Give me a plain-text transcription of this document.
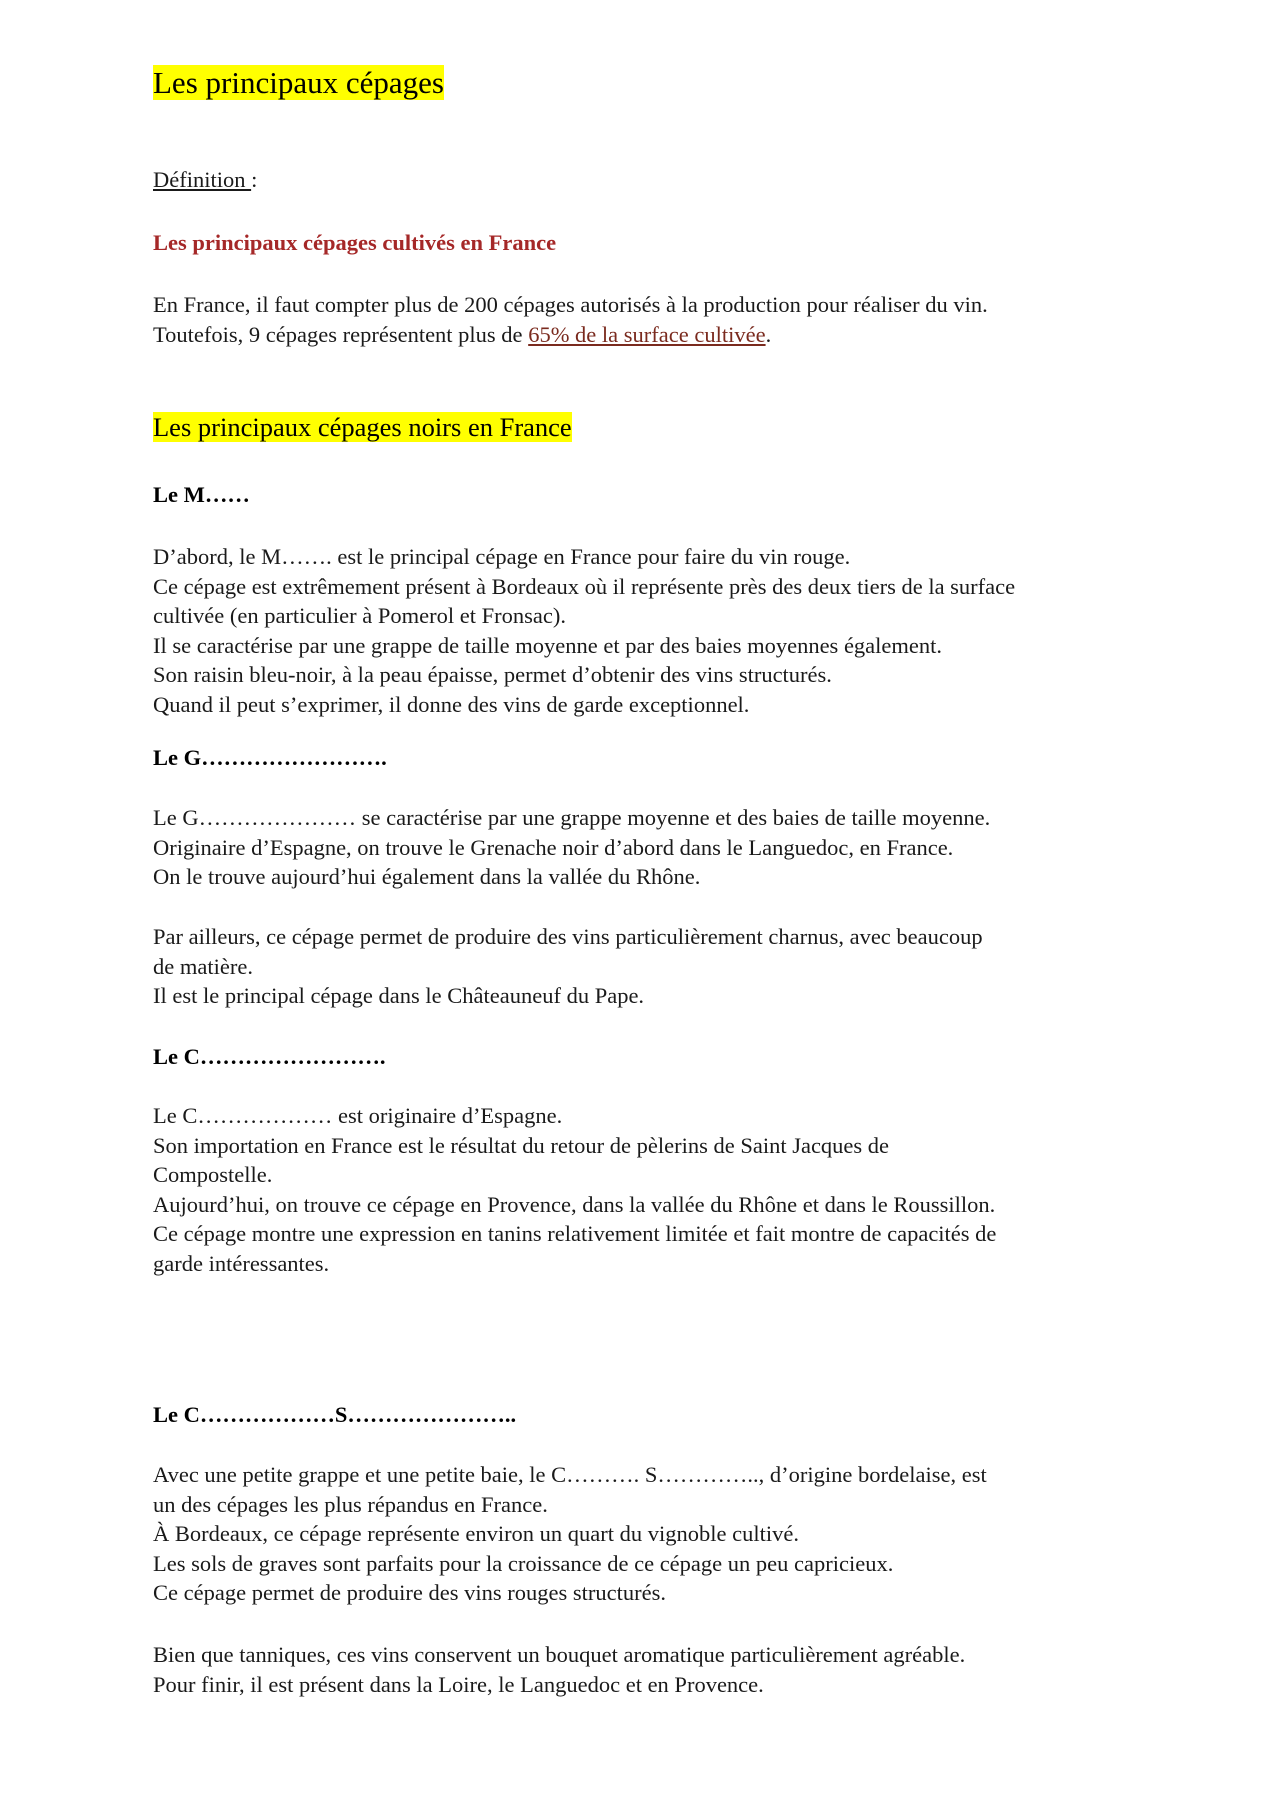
Les principaux cépages
Définition :
Les principaux cépages cultivés en France
En France, il faut compter plus de 200 cépages autorisés à la production pour réaliser du vin.
Toutefois, 9 cépages représentent plus de 65% de la surface cultivée.
Les principaux cépages noirs en France
Le M……
D’abord, le M……. est le principal cépage en France pour faire du vin rouge.
Ce cépage est extrêmement présent à Bordeaux où il représente près des deux tiers de la surface
cultivée (en particulier à Pomerol et Fronsac).
Il se caractérise par une grappe de taille moyenne et par des baies moyennes également.
Son raisin bleu-noir, à la peau épaisse, permet d’obtenir des vins structurés.
Quand il peut s’exprimer, il donne des vins de garde exceptionnel.
Le G…………………….
Le G………………… se caractérise par une grappe moyenne et des baies de taille moyenne.
Originaire d’Espagne, on trouve le Grenache noir d’abord dans le Languedoc, en France.
On le trouve aujourd’hui également dans la vallée du Rhône.
Par ailleurs, ce cépage permet de produire des vins particulièrement charnus, avec beaucoup
de matière.
Il est le principal cépage dans le Châteauneuf du Pape.
Le C…………………….
Le C……………… est originaire d’Espagne.
Son importation en France est le résultat du retour de pèlerins de Saint Jacques de
Compostelle.
Aujourd’hui, on trouve ce cépage en Provence, dans la vallée du Rhône et dans le Roussillon.
Ce cépage montre une expression en tanins relativement limitée et fait montre de capacités de
garde intéressantes.
Le C………………S…………………..
Avec une petite grappe et une petite baie, le C………. S………….., d’origine bordelaise, est
un des cépages les plus répandus en France.
À Bordeaux, ce cépage représente environ un quart du vignoble cultivé.
Les sols de graves sont parfaits pour la croissance de ce cépage un peu capricieux.
Ce cépage permet de produire des vins rouges structurés.
Bien que tanniques, ces vins conservent un bouquet aromatique particulièrement agréable.
Pour finir, il est présent dans la Loire, le Languedoc et en Provence.
